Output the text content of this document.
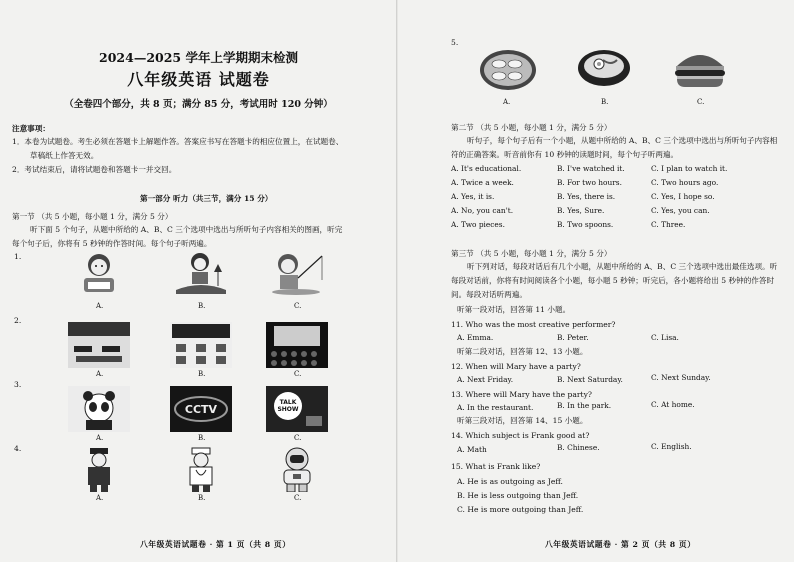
2024—2025 学年上学期期末检测
八年级英语 试题卷
（全卷四个部分，共 8 页；满分 85 分，考试用时 120 分钟）
注意事项：
1．本卷为试题卷。考生必须在答题卡上解题作答。答案应书写在答题卡的相应位置上，在试题卷、
草稿纸上作答无效。
2．考试结束后，请将试题卷和答题卡一并交回。
第一部分 听力（共三节，满分 15 分）
第一节 （共 5 小题，每小题 1 分，满分 5 分）
听下面 5 个句子，从题中所给的 A、B、C 三个选项中选出与所听句子内容相关的图画，听完
每个句子后，你将有 5 秒钟的作答时间。每个句子听两遍。
1.
A.	B.	C.
2.
A.	B.	C.
3.
CCTV
TALK
SHOW
A.	B.	C.
4.
A.	B.	C.
八年级英语试题卷 · 第 1 页（共 8 页）
5.
A.	B.	C.
第二节 （共 5 小题，每小题 1 分，满分 5 分）
听句子，每个句子后有一个小题，从题中所给的 A、B、C 三个选项中选出与所听句子内容相
符的正确答案。听音前你有 10 秒钟的读题时间，每个句子听两遍。
A. It's educational.	B. I've watched it.	C. I plan to watch it.
A. Twice a week.	B. For two hours.	C. Two hours ago.
A. Yes, it is.	B. Yes, there is.	C. Yes, I hope so.
A. No, you can't.	B. Yes, Sure.	C. Yes, you can.
A. Two pieces.	B. Two spoons.	C. Three.
第三节 （共 5 小题，每小题 1 分，满分 5 分）
听下列对话，每段对话后有几个小题，从题中所给的 A、B、C 三个选项中选出最佳选项。听
每段对话前，你将有时间阅读各个小题，每小题 5 秒钟；听完后，各小题将给出 5 秒钟的作答时
间。每段对话听两遍。
听第一段对话，回答第 11 小题。
11. Who was the most creative performer?
A. Emma.	B. Peter.	C. Lisa.
听第二段对话，回答第 12、13 小题。
12. When will Mary have a party?
A. Next Friday.	B. Next Saturday.	C. Next Sunday.
13. Where will Mary have the party?
A. In the restaurant.	B. In the park.	C. At home.
听第三段对话，回答第 14、15 小题。
14. Which subject is Frank good at?
A. Math	B. Chinese.	C. English.
15. What is Frank like?
A. He is as outgoing as Jeff.
B. He is less outgoing than Jeff.
C. He is more outgoing than Jeff.
八年级英语试题卷 · 第 2 页（共 8 页）
